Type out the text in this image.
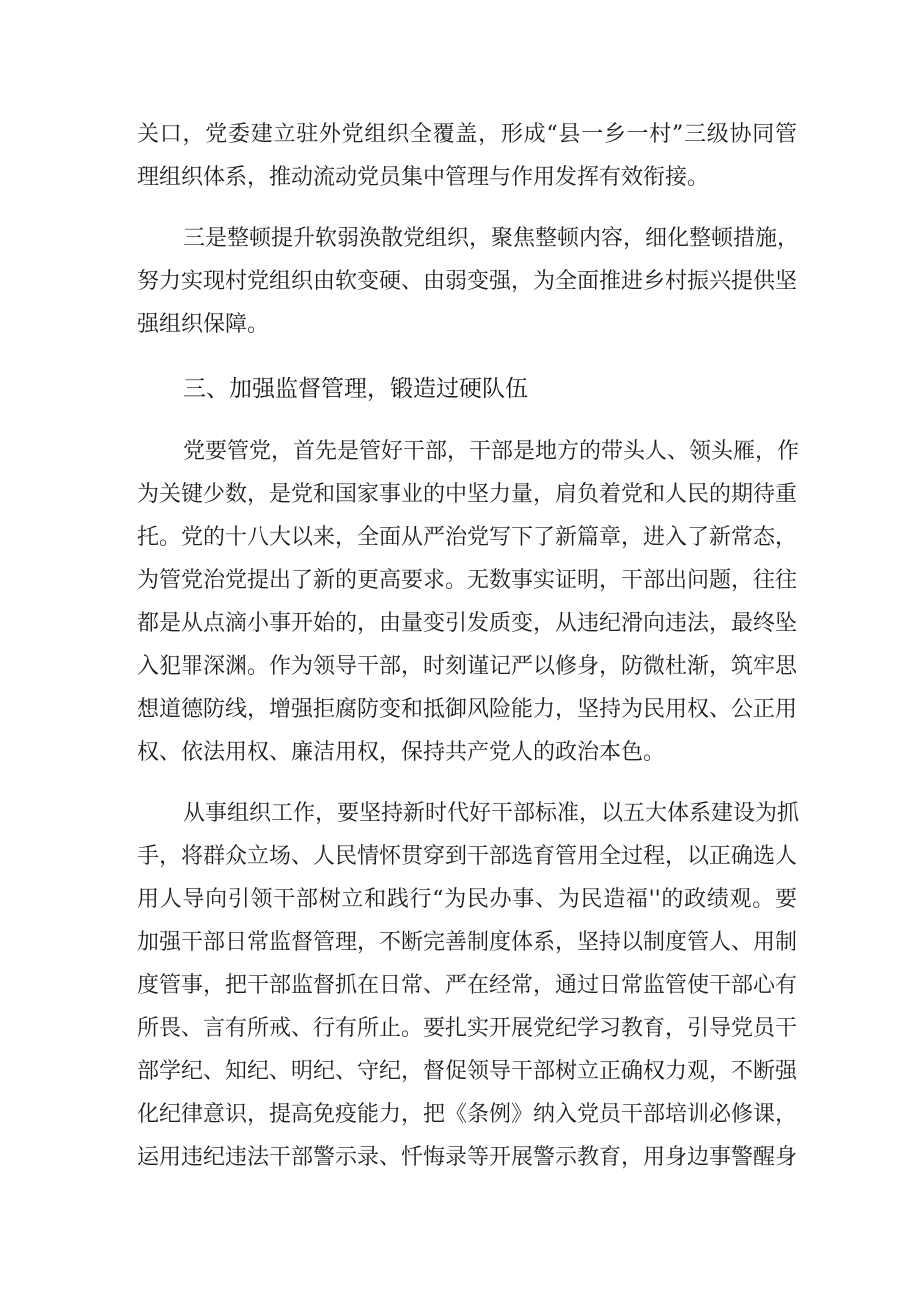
关口，党委建立驻外党组织全覆盖，形成“县一乡一村”三级协同管
理组织体系，推动流动党员集中管理与作用发挥有效衔接。
三是整顿提升软弱涣散党组织，聚焦整顿内容，细化整顿措施，
努力实现村党组织由软变硬、由弱变强，为全面推进乡村振兴提供坚
强组织保障。
三、加强监督管理，锻造过硬队伍
党要管党，首先是管好干部，干部是地方的带头人、领头雁，作
为关键少数，是党和国家事业的中坚力量，肩负着党和人民的期待重
托。党的十八大以来，全面从严治党写下了新篇章，进入了新常态，
为管党治党提出了新的更高要求。无数事实证明，干部出问题，往往
都是从点滴小事开始的，由量变引发质变，从违纪滑向违法，最终坠
入犯罪深渊。作为领导干部，时刻谨记严以修身，防微杜渐，筑牢思
想道德防线，增强拒腐防变和抵御风险能力，坚持为民用权、公正用
权、依法用权、廉洁用权，保持共产党人的政治本色。
从事组织工作，要坚持新时代好干部标准，以五大体系建设为抓
手，将群众立场、人民情怀贯穿到干部选育管用全过程，以正确选人
用人导向引领干部树立和践行“为民办事、为民造福''的政绩观。要
加强干部日常监督管理，不断完善制度体系，坚持以制度管人、用制
度管事，把干部监督抓在日常、严在经常，通过日常监管使干部心有
所畏、言有所戒、行有所止。要扎实开展党纪学习教育，引导党员干
部学纪、知纪、明纪、守纪，督促领导干部树立正确权力观，不断强
化纪律意识，提高免疫能力，把《条例》纳入党员干部培训必修课，
运用违纪违法干部警示录、忏悔录等开展警示教育，用身边事警醒身
